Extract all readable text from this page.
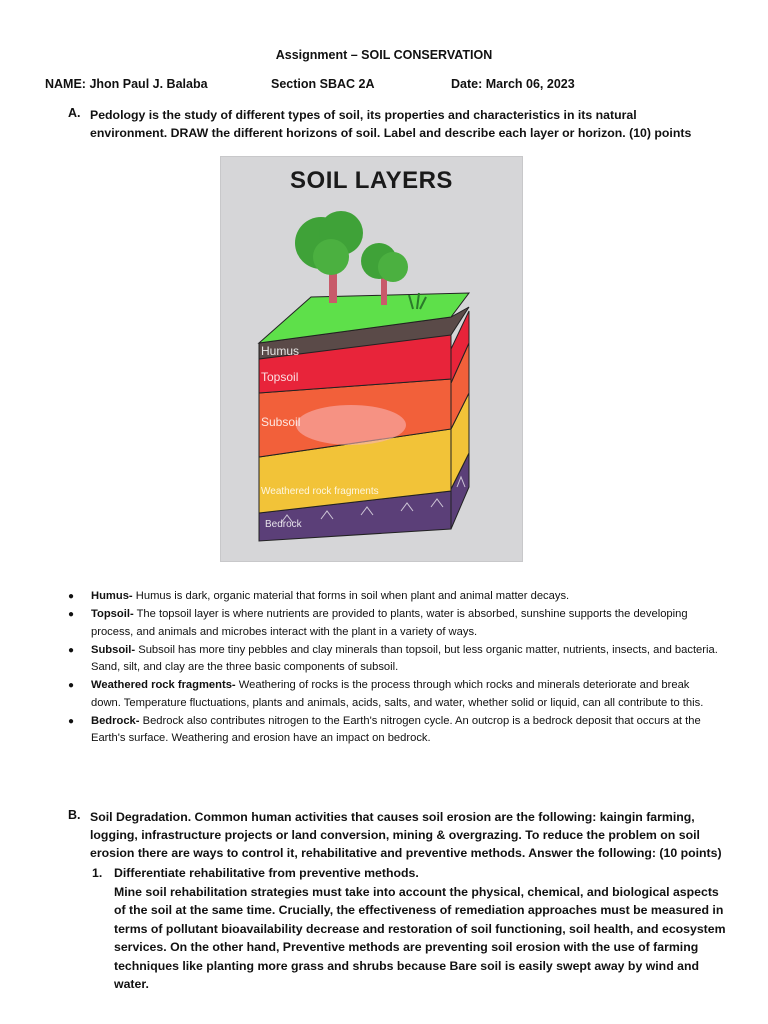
Assignment – SOIL CONSERVATION
NAME: Jhon Paul J. Balaba	Section SBAC 2A	Date: March 06, 2023
A. Pedology is the study of different types of soil, its properties and characteristics in its natural environment. DRAW the different horizons of soil. Label and describe each layer or horizon. (10) points
SOIL LAYERS
Humus
Topsoil
Subsoil
Weathered rock fragments
Bedrock
● Humus- Humus is dark, organic material that forms in soil when plant and animal matter decays.
● Topsoil- The topsoil layer is where nutrients are provided to plants, water is absorbed, sunshine supports the developing process, and animals and microbes interact with the plant in a variety of ways.
● Subsoil- Subsoil has more tiny pebbles and clay minerals than topsoil, but less organic matter, nutrients, insects, and bacteria. Sand, silt, and clay are the three basic components of subsoil.
● Weathered rock fragments- Weathering of rocks is the process through which rocks and minerals deteriorate and break down. Temperature fluctuations, plants and animals, acids, salts, and water, whether solid or liquid, can all contribute to this.
● Bedrock- Bedrock also contributes nitrogen to the Earth's nitrogen cycle. An outcrop is a bedrock deposit that occurs at the Earth's surface. Weathering and erosion have an impact on bedrock.
B. Soil Degradation. Common human activities that causes soil erosion are the following: kaingin farming, logging, infrastructure projects or land conversion, mining & overgrazing. To reduce the problem on soil erosion there are ways to control it, rehabilitative and preventive methods. Answer the following: (10 points)
1. Differentiate rehabilitative from preventive methods.
Mine soil rehabilitation strategies must take into account the physical, chemical, and biological aspects of the soil at the same time. Crucially, the effectiveness of remediation approaches must be measured in terms of pollutant bioavailability decrease and restoration of soil functioning, soil health, and ecosystem services. On the other hand, Preventive methods are preventing soil erosion with the use of farming techniques like planting more grass and shrubs because Bare soil is easily swept away by wind and water.
